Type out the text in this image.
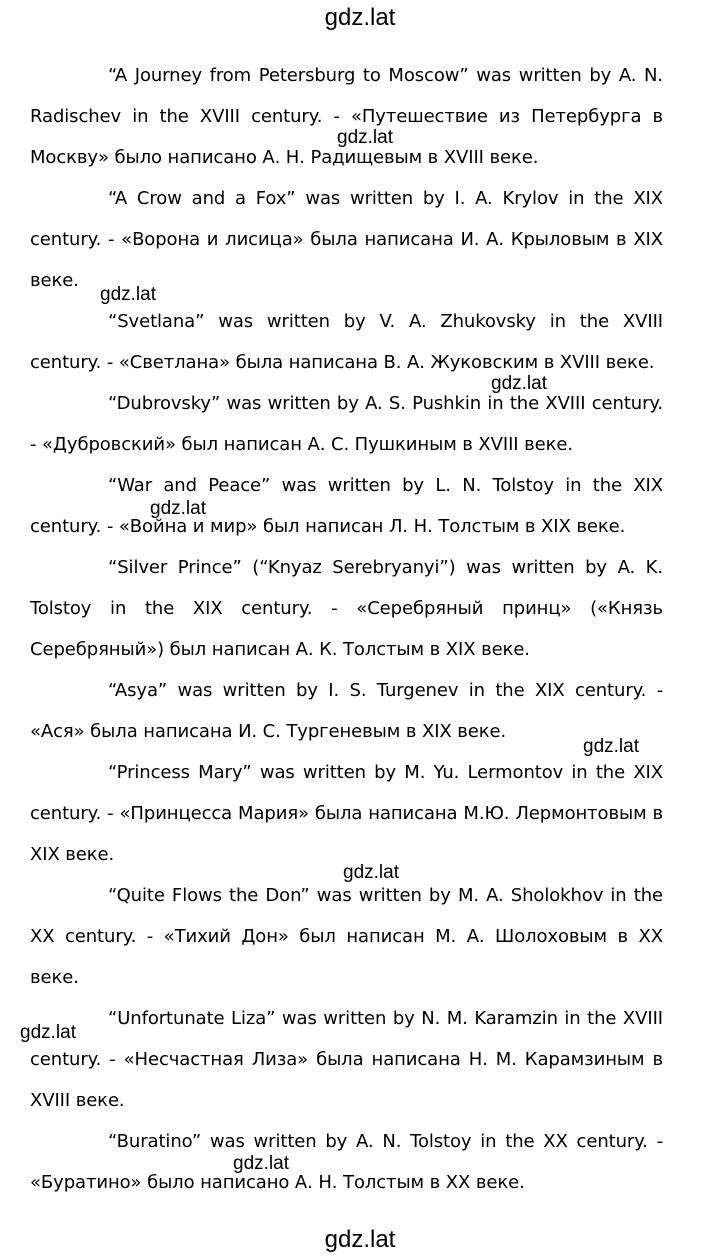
gdz.lat

“A Journey from Petersburg to Moscow” was written by A. N. Radischev in the XVIII century. - «Путешествие из Петербурга в Москву» было написано А. Н. Радищевым в XVIII веке.

“A Crow and a Fox” was written by I. A. Krylov in the XIX century. - «Ворона и лисица» была написана И. А. Крыловым в XIX веке.

“Svetlana” was written by V. A. Zhukovsky in the XVIII century. - «Светлана» была написана В. А. Жуковским в XVIII веке.

“Dubrovsky” was written by A. S. Pushkin in the XVIII century. - «Дубровский» был написан А. С. Пушкиным в XVIII веке.

“War and Peace” was written by L. N. Tolstoy in the XIX century. - «Война и мир» был написан Л. Н. Толстым в XIX веке.

“Silver Prince” (“Knyaz Serebryanyi”) was written by A. K. Tolstoy in the XIX century. - «Серебряный принц» («Князь Серебряный») был написан А. К. Толстым в XIX веке.

“Asya” was written by I. S. Turgenev in the XIX century. - «Ася» была написана И. С. Тургеневым в XIX веке.

“Princess Mary” was written by M. Yu. Lermontov in the XIX century. - «Принцесса Мария» была написана М.Ю. Лермонтовым в XIX веке.

“Quite Flows the Don” was written by M. A. Sholokhov in the XX century. - «Тихий Дон» был написан М. А. Шолоховым в XX веке.

“Unfortunate Liza” was written by N. M. Karamzin in the XVIII century. - «Несчастная Лиза» была написана Н. М. Карамзиным в XVIII веке.

“Buratino” was written by A. N. Tolstoy in the XX century. - «Буратино» было написано А. Н. Толстым в XX веке.

gdz.lat
gdz.lat
gdz.lat
gdz.lat
gdz.lat
gdz.lat
gdz.lat
gdz.lat
gdz.lat
